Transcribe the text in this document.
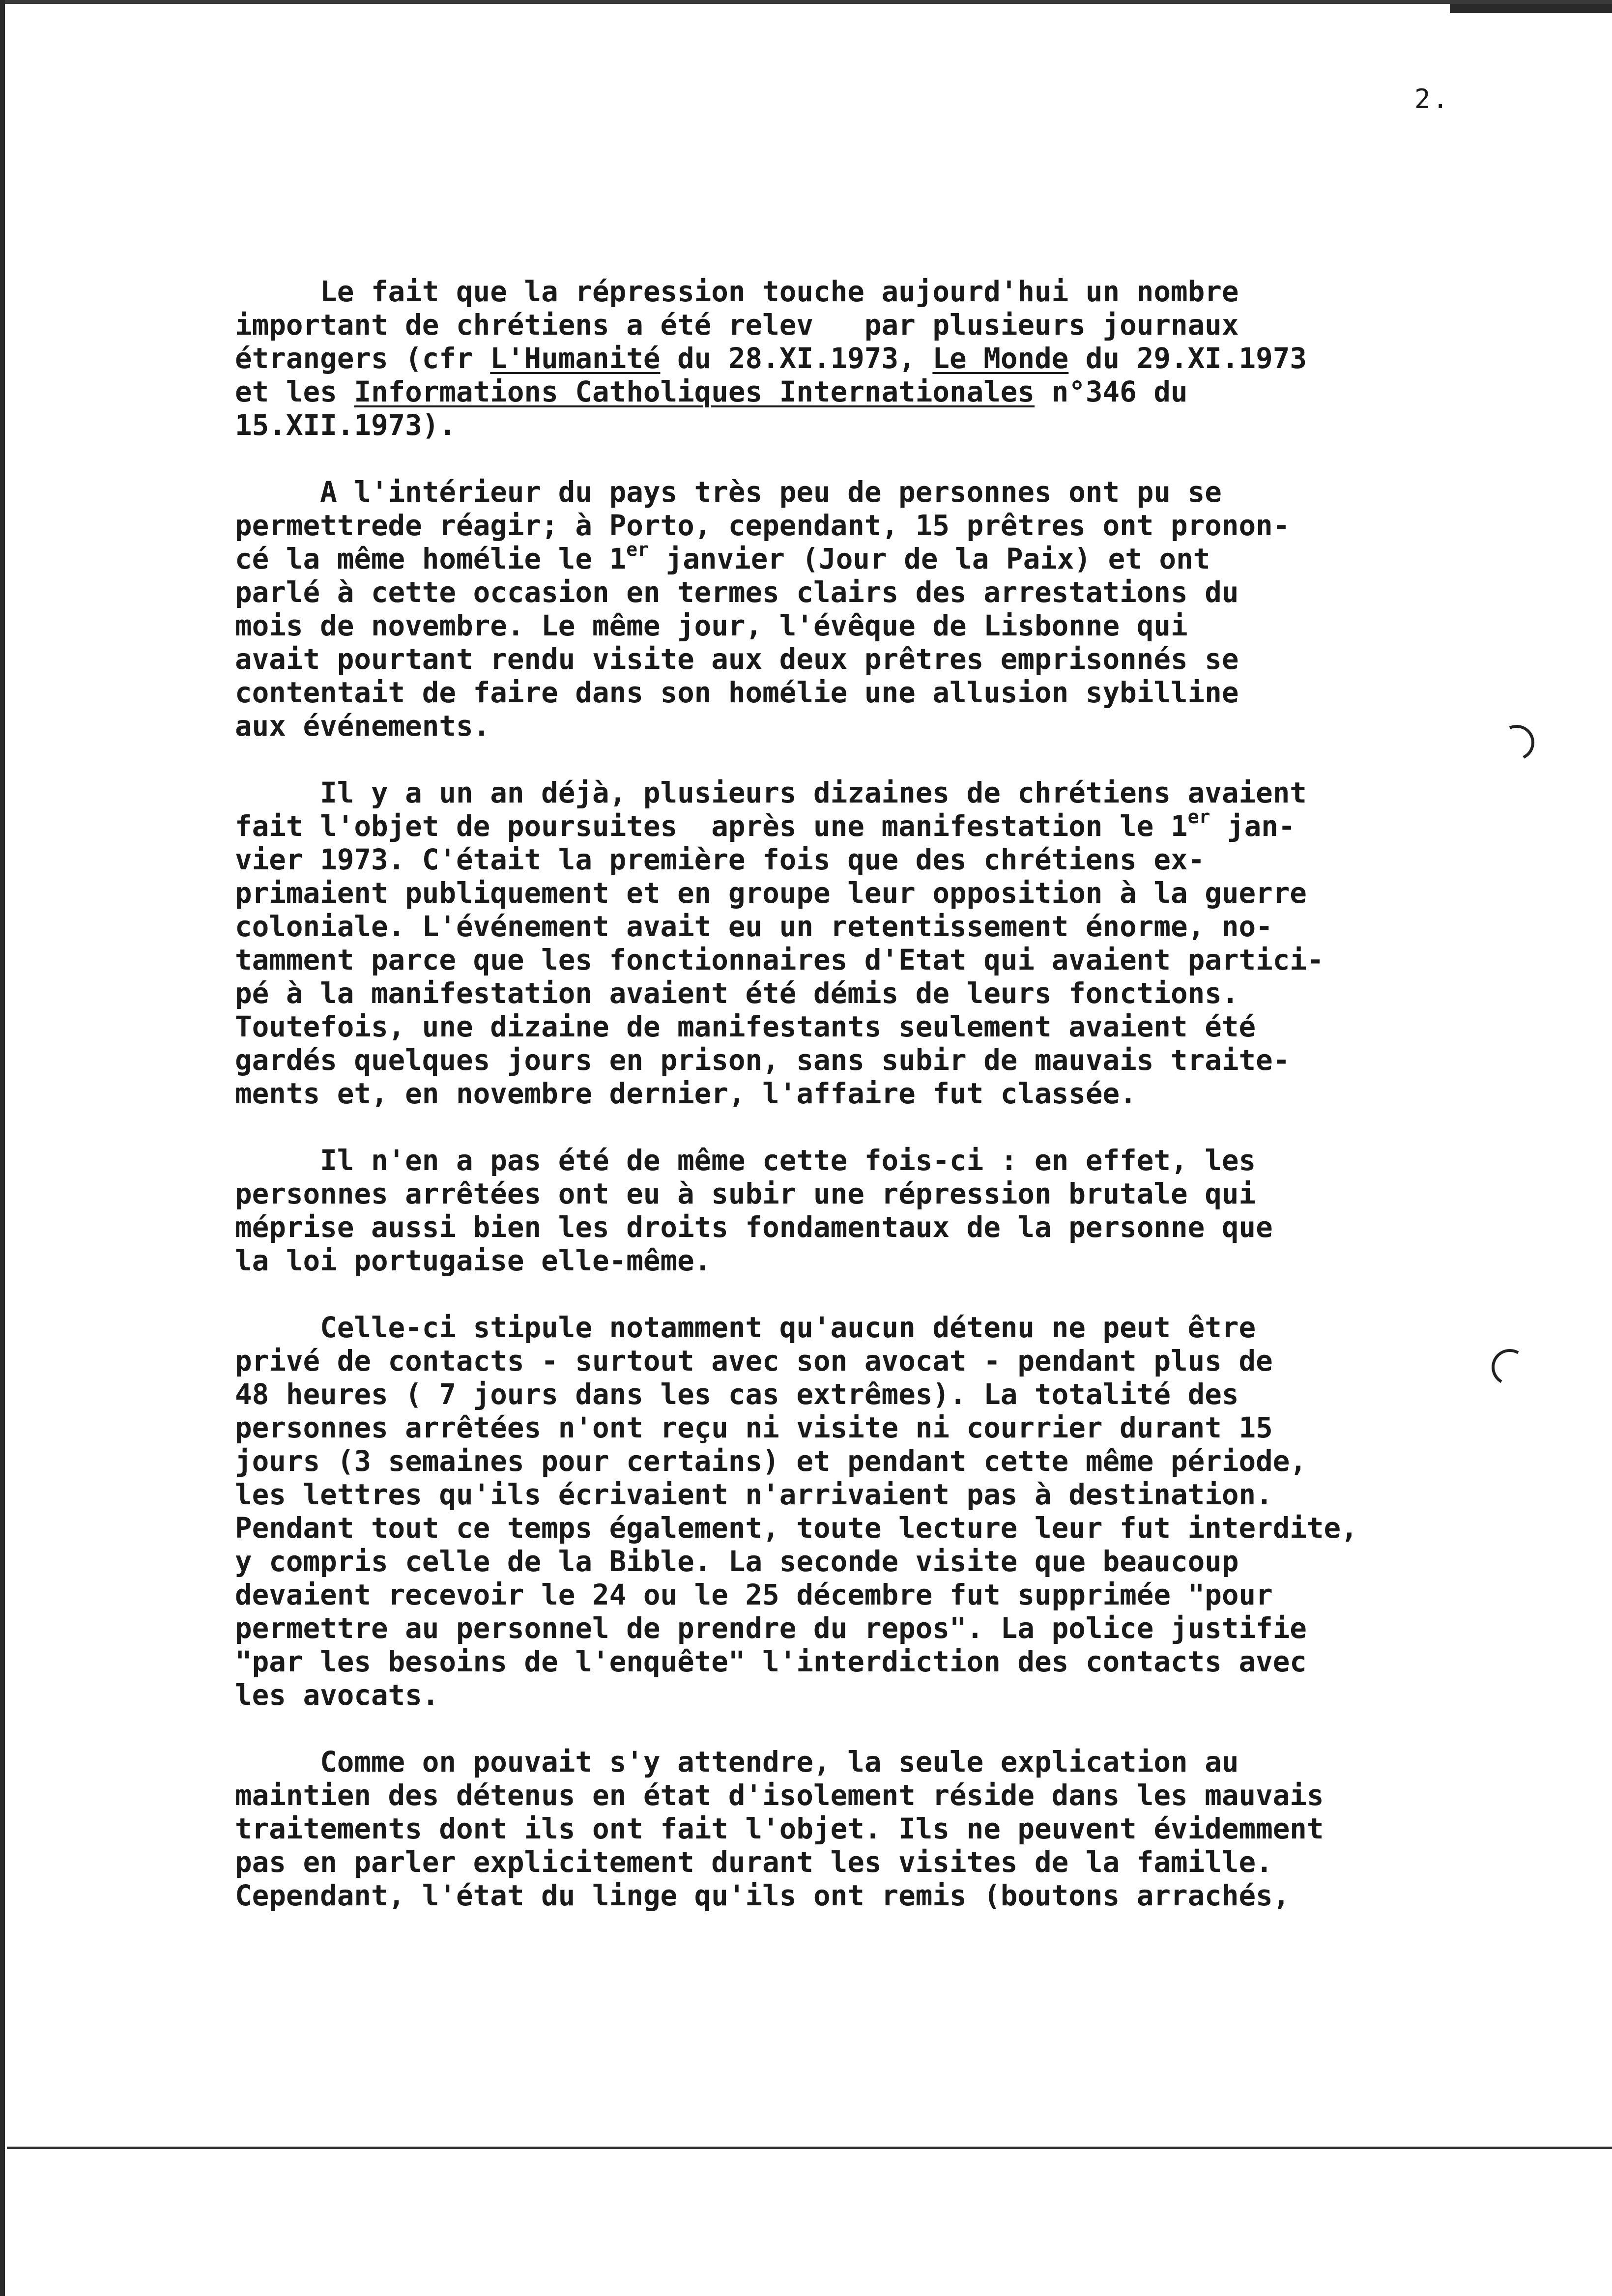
2.
Le fait que la répression touche aujourd'hui un nombre
important de chrétiens a été relev   par plusieurs journaux
étrangers (cfr L'Humanité du 28.XI.1973, Le Monde du 29.XI.1973
et les Informations Catholiques Internationales n°346 du
15.XII.1973).
A l'intérieur du pays très peu de personnes ont pu se
permettrede réagir; à Porto, cependant, 15 prêtres ont pronon-
cé la même homélie le 1er janvier (Jour de la Paix) et ont
parlé à cette occasion en termes clairs des arrestations du
mois de novembre. Le même jour, l'évêque de Lisbonne qui
avait pourtant rendu visite aux deux prêtres emprisonnés se
contentait de faire dans son homélie une allusion sybilline
aux événements.
Il y a un an déjà, plusieurs dizaines de chrétiens avaient
fait l'objet de poursuites  après une manifestation le 1er jan-
vier 1973. C'était la première fois que des chrétiens ex-
primaient publiquement et en groupe leur opposition à la guerre
coloniale. L'événement avait eu un retentissement énorme, no-
tamment parce que les fonctionnaires d'Etat qui avaient partici-
pé à la manifestation avaient été démis de leurs fonctions.
Toutefois, une dizaine de manifestants seulement avaient été
gardés quelques jours en prison, sans subir de mauvais traite-
ments et, en novembre dernier, l'affaire fut classée.
Il n'en a pas été de même cette fois-ci : en effet, les
personnes arrêtées ont eu à subir une répression brutale qui
méprise aussi bien les droits fondamentaux de la personne que
la loi portugaise elle-même.
Celle-ci stipule notamment qu'aucun détenu ne peut être
privé de contacts - surtout avec son avocat - pendant plus de
48 heures ( 7 jours dans les cas extrêmes). La totalité des
personnes arrêtées n'ont reçu ni visite ni courrier durant 15
jours (3 semaines pour certains) et pendant cette même période,
les lettres qu'ils écrivaient n'arrivaient pas à destination.
Pendant tout ce temps également, toute lecture leur fut interdite,
y compris celle de la Bible. La seconde visite que beaucoup
devaient recevoir le 24 ou le 25 décembre fut supprimée "pour
permettre au personnel de prendre du repos". La police justifie
"par les besoins de l'enquête" l'interdiction des contacts avec
les avocats.
Comme on pouvait s'y attendre, la seule explication au
maintien des détenus en état d'isolement réside dans les mauvais
traitements dont ils ont fait l'objet. Ils ne peuvent évidemment
pas en parler explicitement durant les visites de la famille.
Cependant, l'état du linge qu'ils ont remis (boutons arrachés,
